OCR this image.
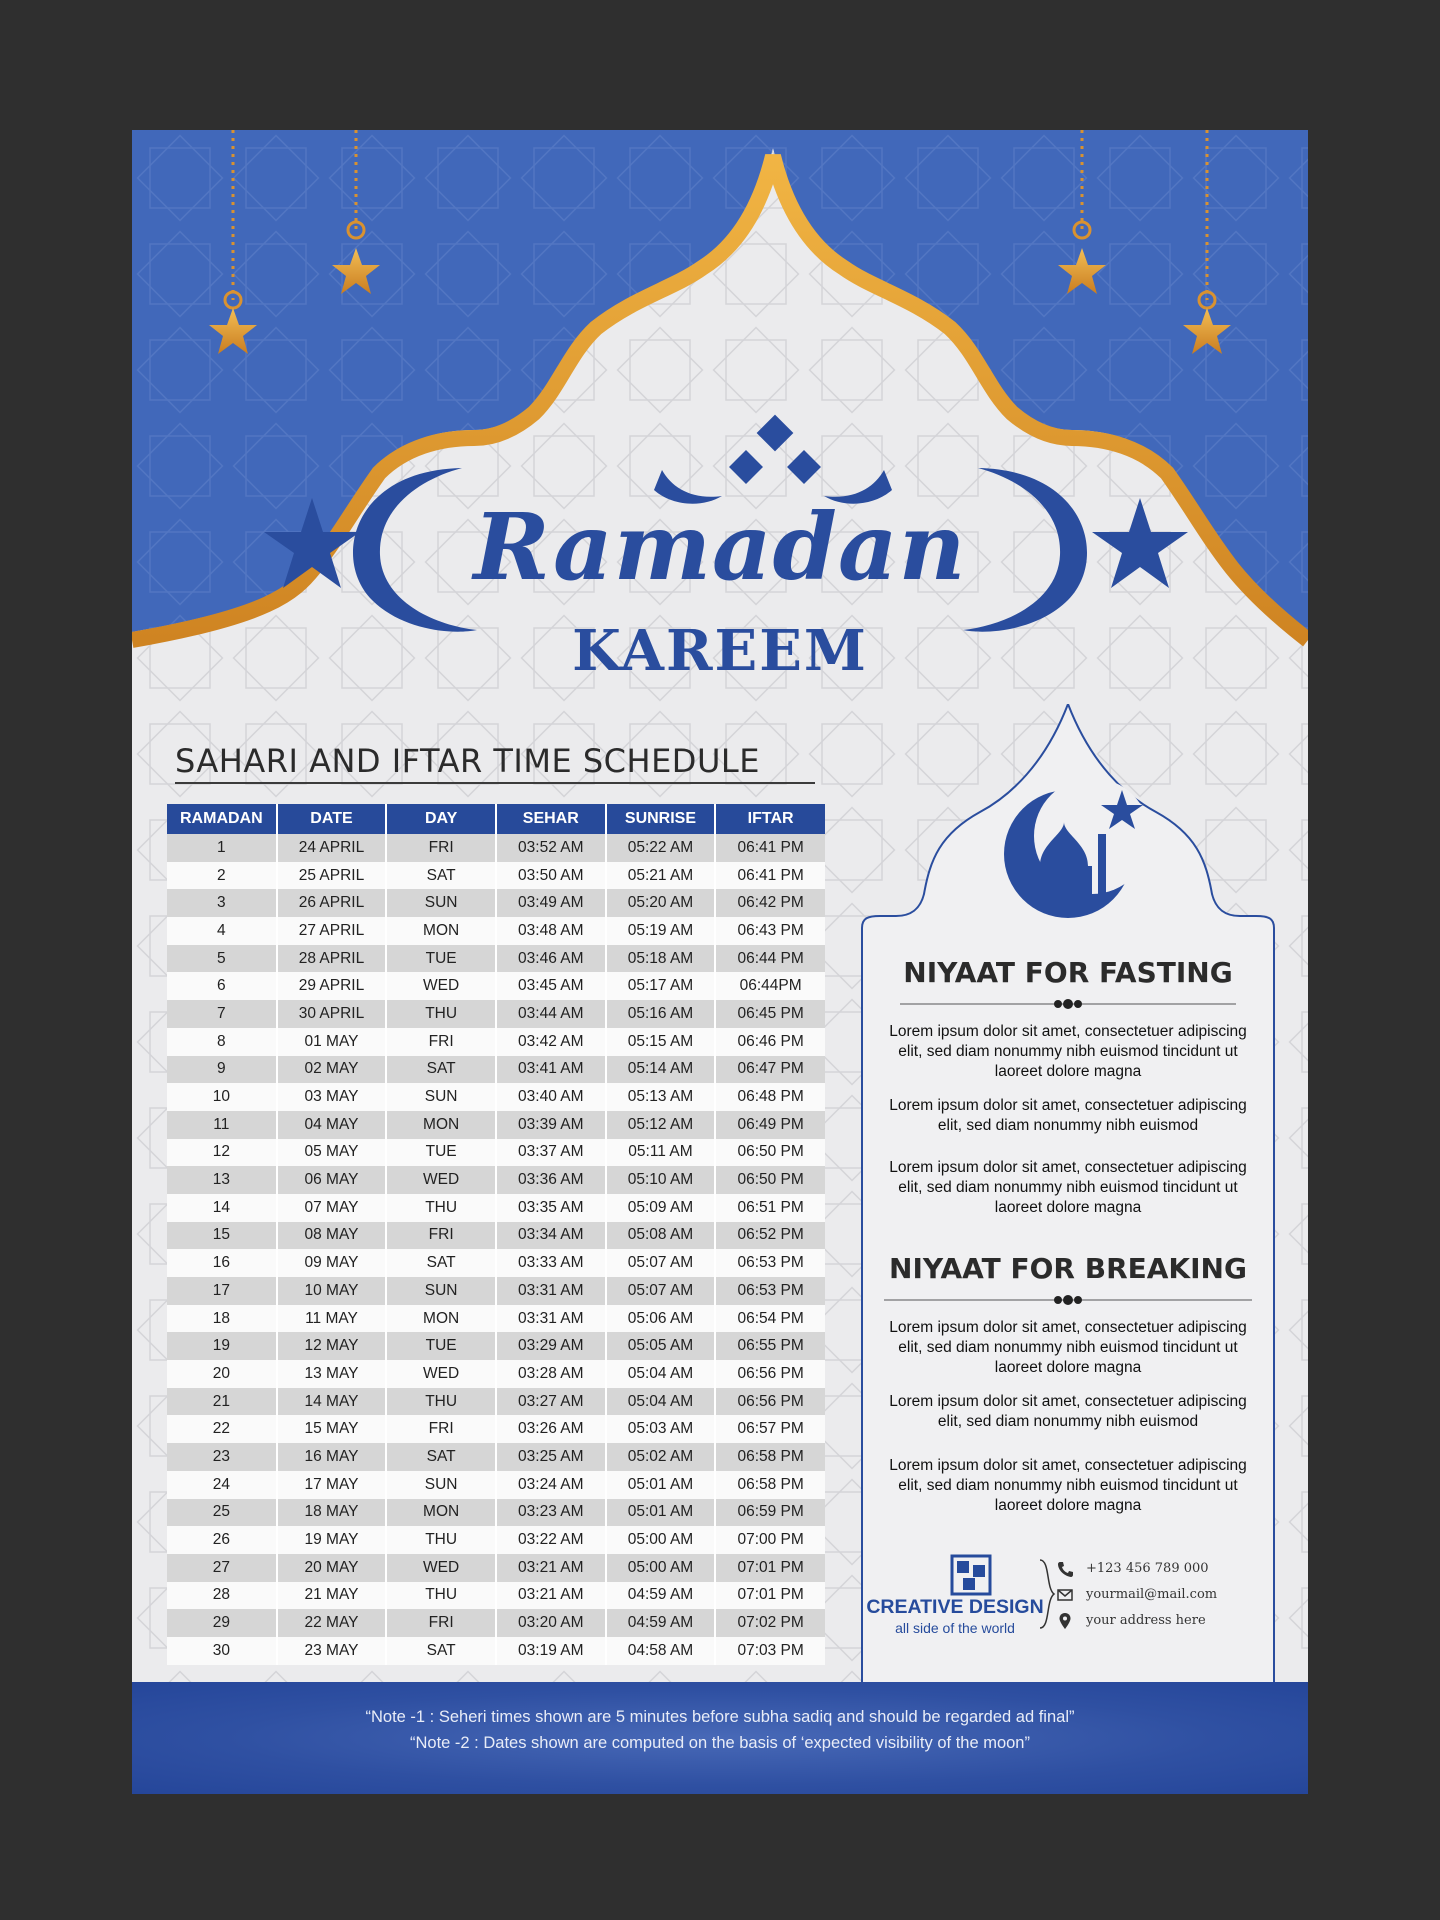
Ramadan
KAREEM
SAHARI AND IFTAR TIME SCHEDULE
RAMADAN	DATE	DAY	SEHAR	SUNRISE	IFTAR
1	24 APRIL	FRI	03:52 AM	05:22 AM	06:41 PM
2	25 APRIL	SAT	03:50 AM	05:21 AM	06:41 PM
3	26 APRIL	SUN	03:49 AM	05:20 AM	06:42 PM
4	27 APRIL	MON	03:48 AM	05:19 AM	06:43 PM
5	28 APRIL	TUE	03:46 AM	05:18 AM	06:44 PM
6	29 APRIL	WED	03:45 AM	05:17 AM	06:44PM
7	30 APRIL	THU	03:44 AM	05:16 AM	06:45 PM
8	01 MAY	FRI	03:42 AM	05:15 AM	06:46 PM
9	02 MAY	SAT	03:41 AM	05:14 AM	06:47 PM
10	03 MAY	SUN	03:40 AM	05:13 AM	06:48 PM
11	04 MAY	MON	03:39 AM	05:12 AM	06:49 PM
12	05 MAY	TUE	03:37 AM	05:11 AM	06:50 PM
13	06 MAY	WED	03:36 AM	05:10 AM	06:50 PM
14	07 MAY	THU	03:35 AM	05:09 AM	06:51 PM
15	08 MAY	FRI	03:34 AM	05:08 AM	06:52 PM
16	09 MAY	SAT	03:33 AM	05:07 AM	06:53 PM
17	10 MAY	SUN	03:31 AM	05:07 AM	06:53 PM
18	11 MAY	MON	03:31 AM	05:06 AM	06:54 PM
19	12 MAY	TUE	03:29 AM	05:05 AM	06:55 PM
20	13 MAY	WED	03:28 AM	05:04 AM	06:56 PM
21	14 MAY	THU	03:27 AM	05:04 AM	06:56 PM
22	15 MAY	FRI	03:26 AM	05:03 AM	06:57 PM
23	16 MAY	SAT	03:25 AM	05:02 AM	06:58 PM
24	17 MAY	SUN	03:24 AM	05:01 AM	06:58 PM
25	18 MAY	MON	03:23 AM	05:01 AM	06:59 PM
26	19 MAY	THU	03:22 AM	05:00 AM	07:00 PM
27	20 MAY	WED	03:21 AM	05:00 AM	07:01 PM
28	21 MAY	THU	03:21 AM	04:59 AM	07:01 PM
29	22 MAY	FRI	03:20 AM	04:59 AM	07:02 PM
30	23 MAY	SAT	03:19 AM	04:58 AM	07:03 PM
NIYAAT FOR FASTING
Lorem ipsum dolor sit amet, consectetuer adipiscing elit, sed diam nonummy nibh euismod tincidunt ut laoreet dolore magna
Lorem ipsum dolor sit amet, consectetuer adipiscing elit, sed diam nonummy nibh euismod
Lorem ipsum dolor sit amet, consectetuer adipiscing elit, sed diam nonummy nibh euismod tincidunt ut laoreet dolore magna
NIYAAT FOR BREAKING
Lorem ipsum dolor sit amet, consectetuer adipiscing elit, sed diam nonummy nibh euismod tincidunt ut laoreet dolore magna
Lorem ipsum dolor sit amet, consectetuer adipiscing elit, sed diam nonummy nibh euismod
Lorem ipsum dolor sit amet, consectetuer adipiscing elit, sed diam nonummy nibh euismod tincidunt ut laoreet dolore magna
CREATIVE DESIGN
all side of the world
+123 456 789 000
yourmail@mail.com
your address here
“Note -1 : Seheri times shown are 5 minutes before subha sadiq and should be regarded ad final”
“Note -2 : Dates shown are computed on the basis of ‘expected visibility of the moon”
